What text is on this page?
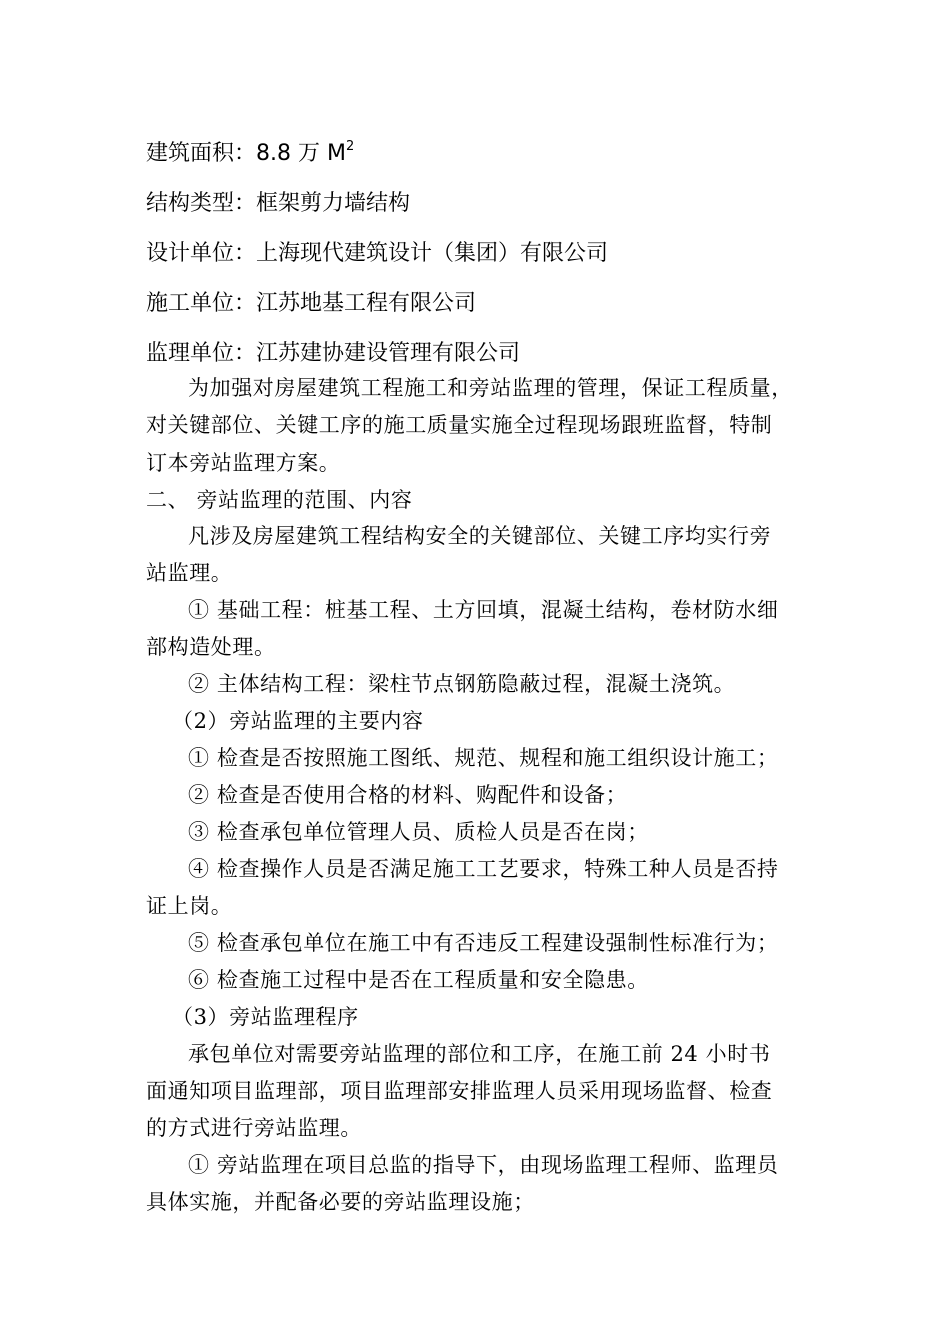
建筑面积：8.8 万 $M^2$
结构类型：框架剪力墙结构
设计单位：上海现代建筑设计（集团）有限公司
施工单位：江苏地基工程有限公司
监理单位：江苏建协建设管理有限公司
为加强对房屋建筑工程施工和旁站监理的管理，保证工程质量，
对关键部位、关键工序的施工质量实施全过程现场跟班监督，特制
订本旁站监理方案。
二、 旁站监理的范围、内容
凡涉及房屋建筑工程结构安全的关键部位、关键工序均实行旁
站监理。
① 基础工程：桩基工程、土方回填，混凝土结构，卷材防水细
部构造处理。
② 主体结构工程：梁柱节点钢筋隐蔽过程，混凝土浇筑。
（2）旁站监理的主要内容
① 检查是否按照施工图纸、规范、规程和施工组织设计施工；
② 检查是否使用合格的材料、购配件和设备；
③ 检查承包单位管理人员、质检人员是否在岗；
④ 检查操作人员是否满足施工工艺要求，特殊工种人员是否持
证上岗。
⑤ 检查承包单位在施工中有否违反工程建设强制性标准行为；
⑥ 检查施工过程中是否在工程质量和安全隐患。
（3）旁站监理程序
承包单位对需要旁站监理的部位和工序，在施工前 24 小时书
面通知项目监理部，项目监理部安排监理人员采用现场监督、检查
的方式进行旁站监理。
① 旁站监理在项目总监的指导下，由现场监理工程师、监理员
具体实施，并配备必要的旁站监理设施；
